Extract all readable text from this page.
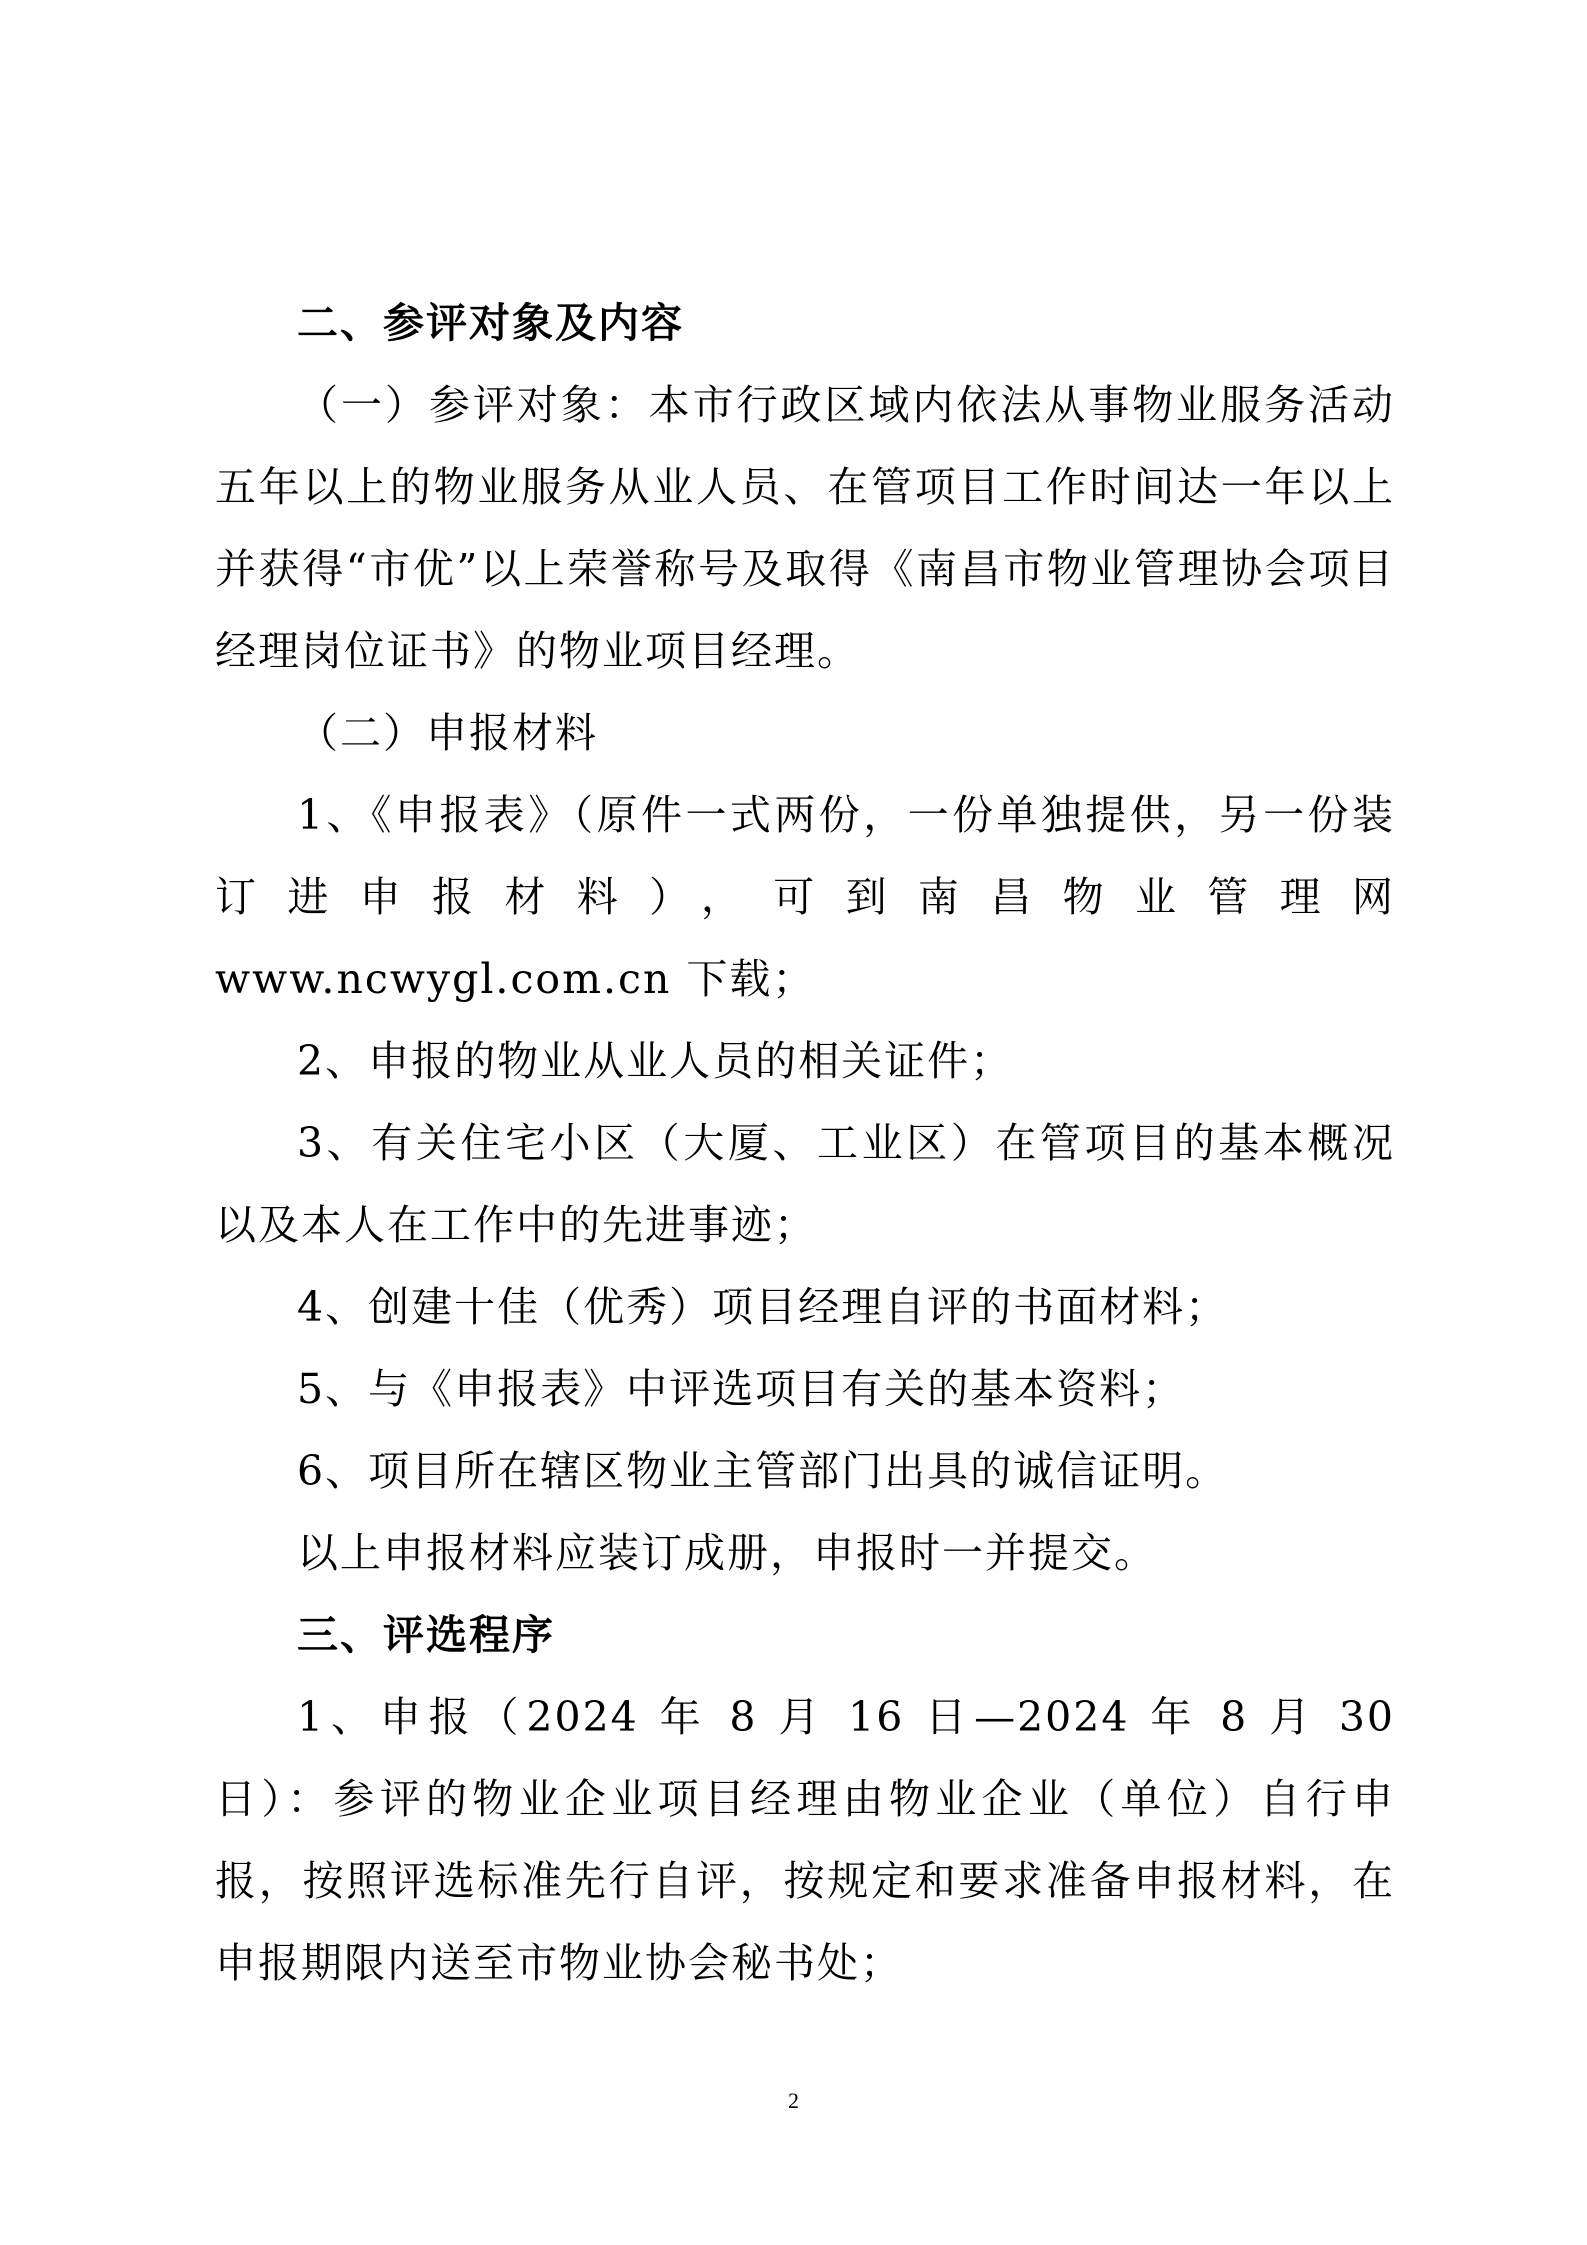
二、参评对象及内容

（一）参评对象：本市行政区域内依法从事物业服务活动五年以上的物业服务从业人员、在管项目工作时间达一年以上并获得“市优”以上荣誉称号及取得《南昌市物业管理协会项目经理岗位证书》的物业项目经理。

（二）申报材料

1、《申报表》（原件一式两份，一份单独提供，另一份装订进申报材料），可到南昌物业管理网 www.ncwygl.com.cn 下载；

2、申报的物业从业人员的相关证件；

3、有关住宅小区（大厦、工业区）在管项目的基本概况以及本人在工作中的先进事迹；

4、创建十佳（优秀）项目经理自评的书面材料；

5、与《申报表》中评选项目有关的基本资料；

6、项目所在辖区物业主管部门出具的诚信证明。

以上申报材料应装订成册，申报时一并提交。

三、评选程序

1、申报（2024 年 8 月 16 日—2024 年 8 月 30 日）：参评的物业企业项目经理由物业企业（单位）自行申报，按照评选标准先行自评，按规定和要求准备申报材料，在申报期限内送至市物业协会秘书处；

2
